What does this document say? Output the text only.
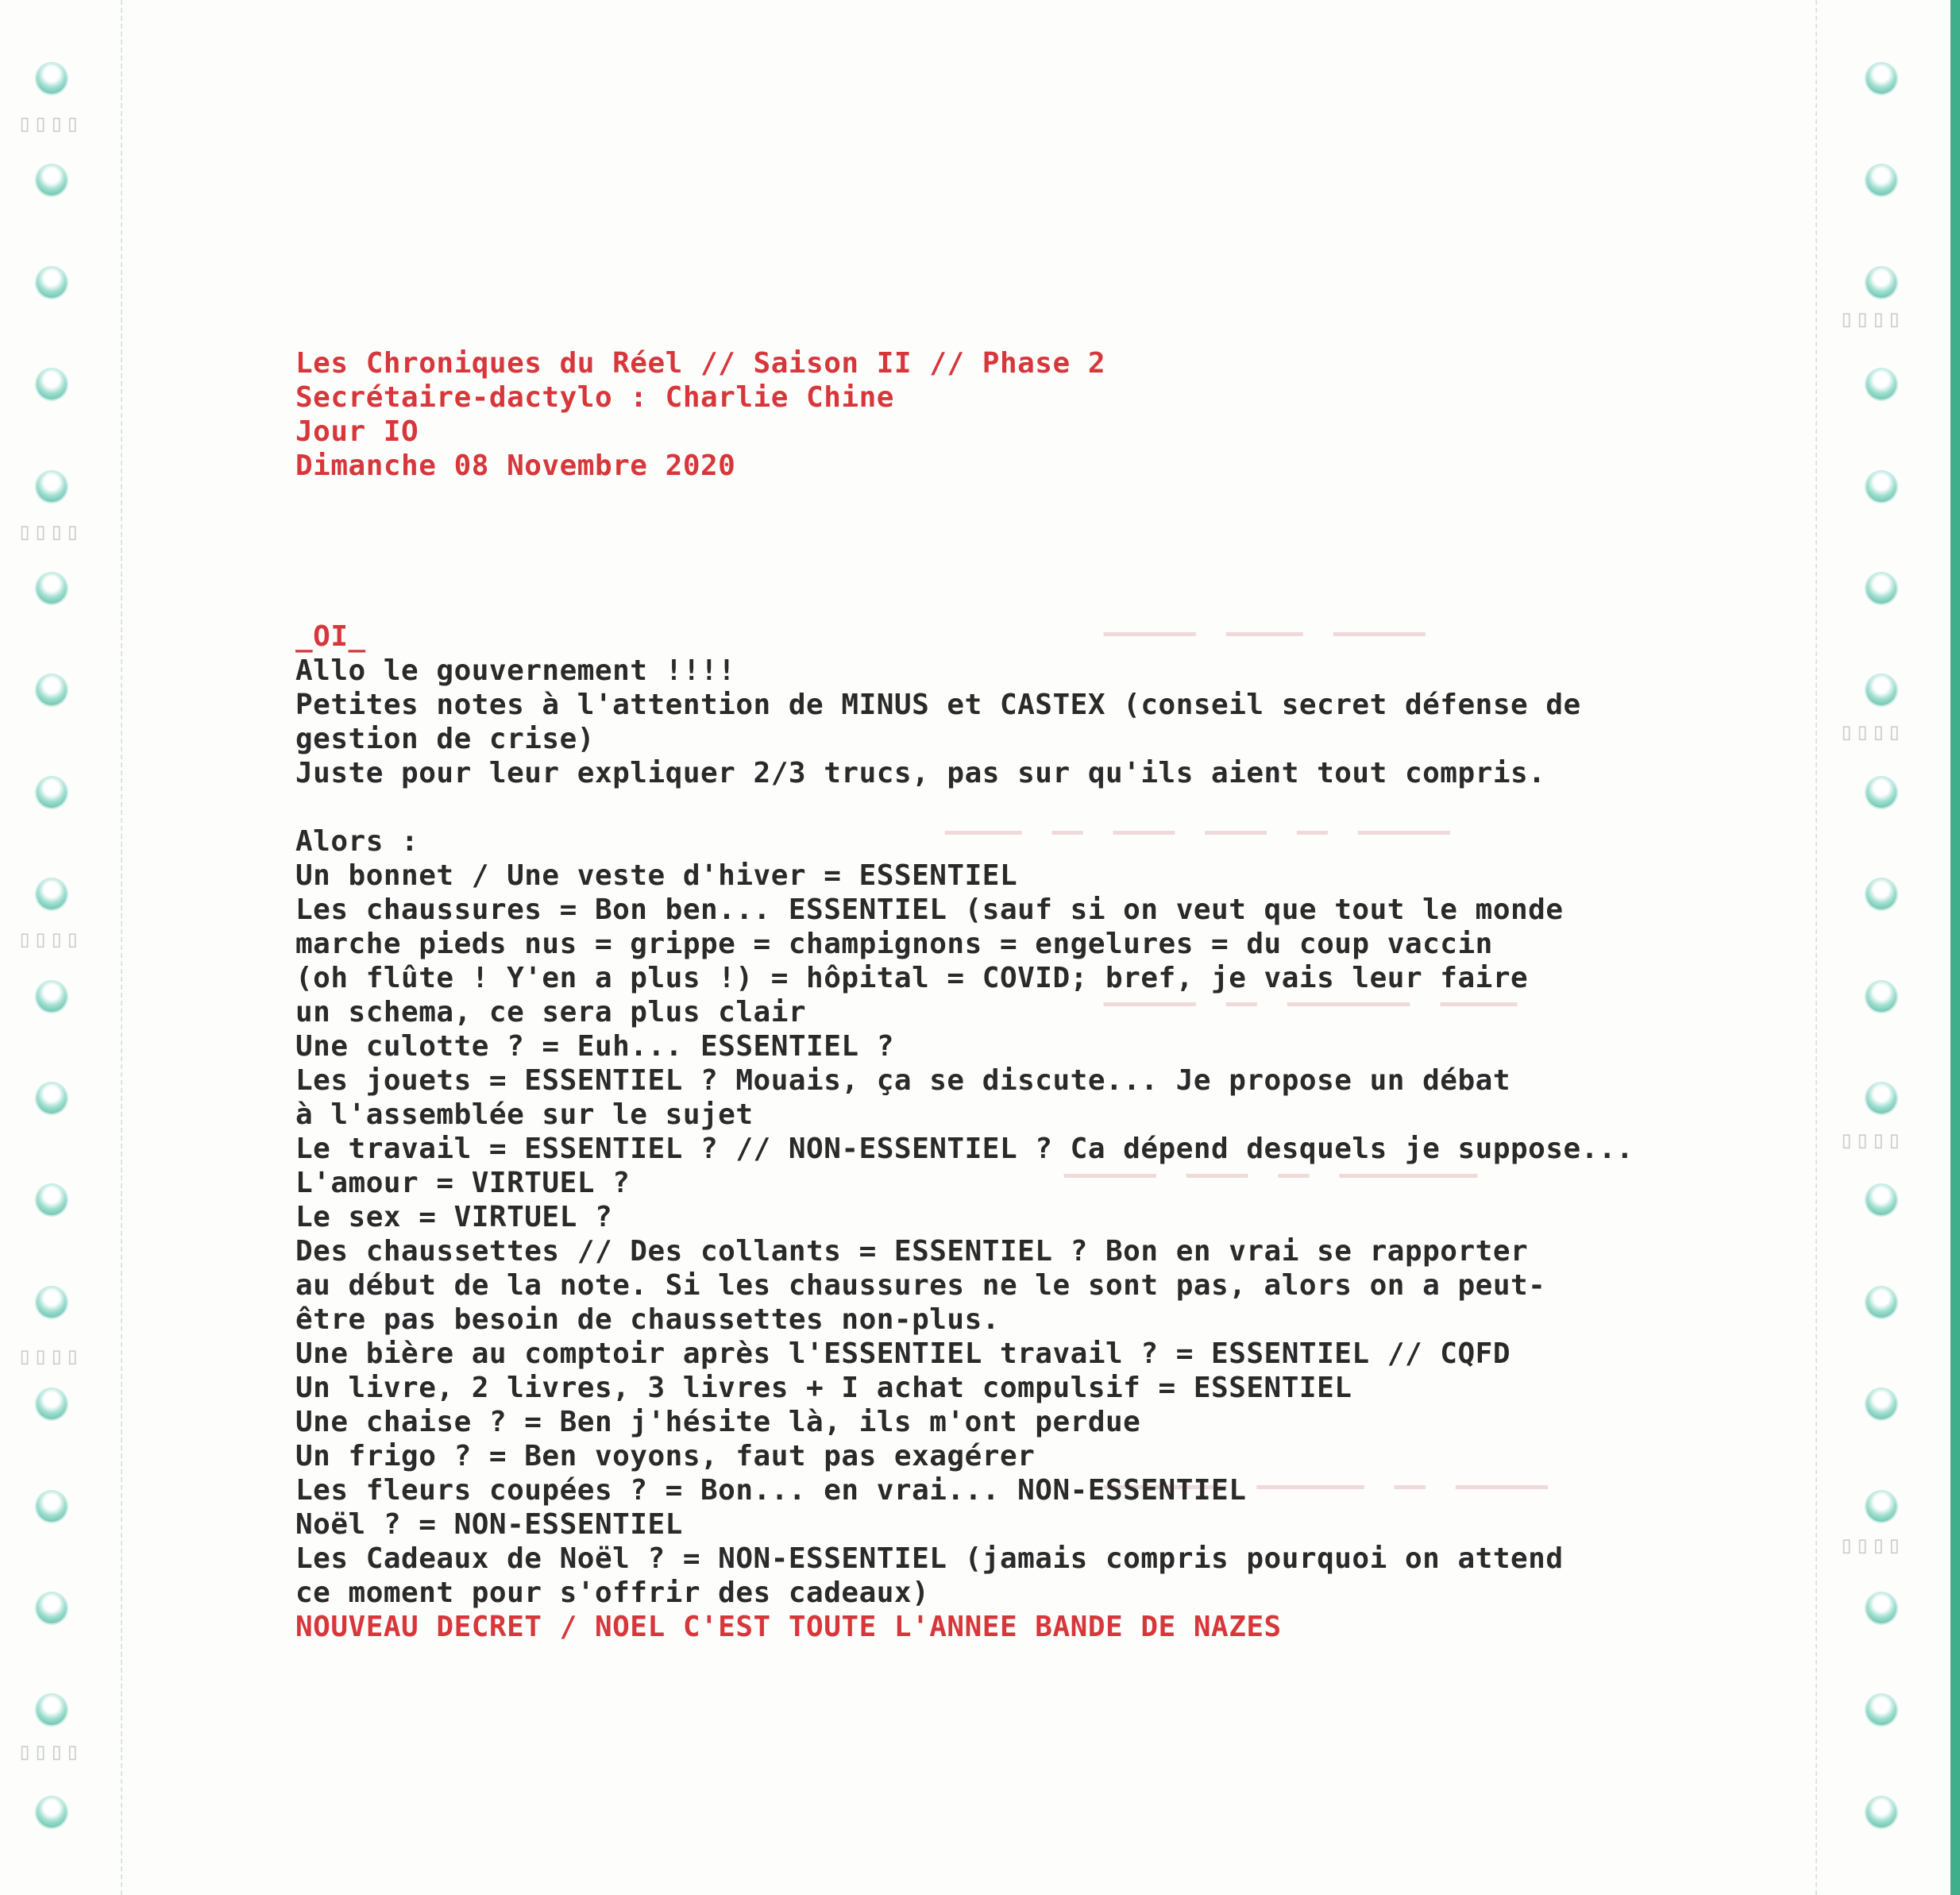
▯▯▯▯
▯▯▯▯
▯▯▯▯
▯▯▯▯
▯▯▯▯
▯▯▯▯
▯▯▯▯
▯▯▯▯
▯▯▯▯
▔▔▔▔▔▔  ▔▔▔▔▔  ▔▔▔▔▔▔
▔▔▔▔▔  ▔▔  ▔▔▔▔  ▔▔▔▔  ▔▔  ▔▔▔▔▔▔
▔▔▔▔▔▔  ▔▔  ▔▔▔▔▔▔▔▔  ▔▔▔▔▔
▔▔▔▔▔▔  ▔▔▔▔  ▔▔  ▔▔▔▔▔▔▔▔▔
▔▔▔▔▔▔▔▔  ▔▔▔▔▔▔▔  ▔▔  ▔▔▔▔▔▔
Les Chroniques du Réel // Saison II // Phase 2
Secrétaire-dactylo : Charlie Chine
Jour IO
Dimanche 08 Novembre 2020
_OI_
Allo le gouvernement !!!!
Petites notes à l'attention de MINUS et CASTEX (conseil secret défense de
gestion de crise)
Juste pour leur expliquer 2/3 trucs, pas sur qu'ils aient tout compris.
Alors :
Un bonnet / Une veste d'hiver = ESSENTIEL
Les chaussures = Bon ben... ESSENTIEL (sauf si on veut que tout le monde
marche pieds nus = grippe = champignons = engelures = du coup vaccin
(oh flûte ! Y'en a plus !) = hôpital = COVID; bref, je vais leur faire
un schema, ce sera plus clair
Une culotte ? = Euh... ESSENTIEL ?
Les jouets = ESSENTIEL ? Mouais, ça se discute... Je propose un débat
à l'assemblée sur le sujet
Le travail = ESSENTIEL ? // NON-ESSENTIEL ? Ca dépend desquels je suppose...
L'amour = VIRTUEL ?
Le sex = VIRTUEL ?
Des chaussettes // Des collants = ESSENTIEL ? Bon en vrai se rapporter
au début de la note. Si les chaussures ne le sont pas, alors on a peut-
être pas besoin de chaussettes non-plus.
Une bière au comptoir après l'ESSENTIEL travail ? = ESSENTIEL // CQFD
Un livre, 2 livres, 3 livres + I achat compulsif = ESSENTIEL
Une chaise ? = Ben j'hésite là, ils m'ont perdue
Un frigo ? = Ben voyons, faut pas exagérer
Les fleurs coupées ? = Bon... en vrai... NON-ESSENTIEL
Noël ? = NON-ESSENTIEL
Les Cadeaux de Noël ? = NON-ESSENTIEL (jamais compris pourquoi on attend
ce moment pour s'offrir des cadeaux)
NOUVEAU DECRET / NOEL C'EST TOUTE L'ANNEE BANDE DE NAZES
